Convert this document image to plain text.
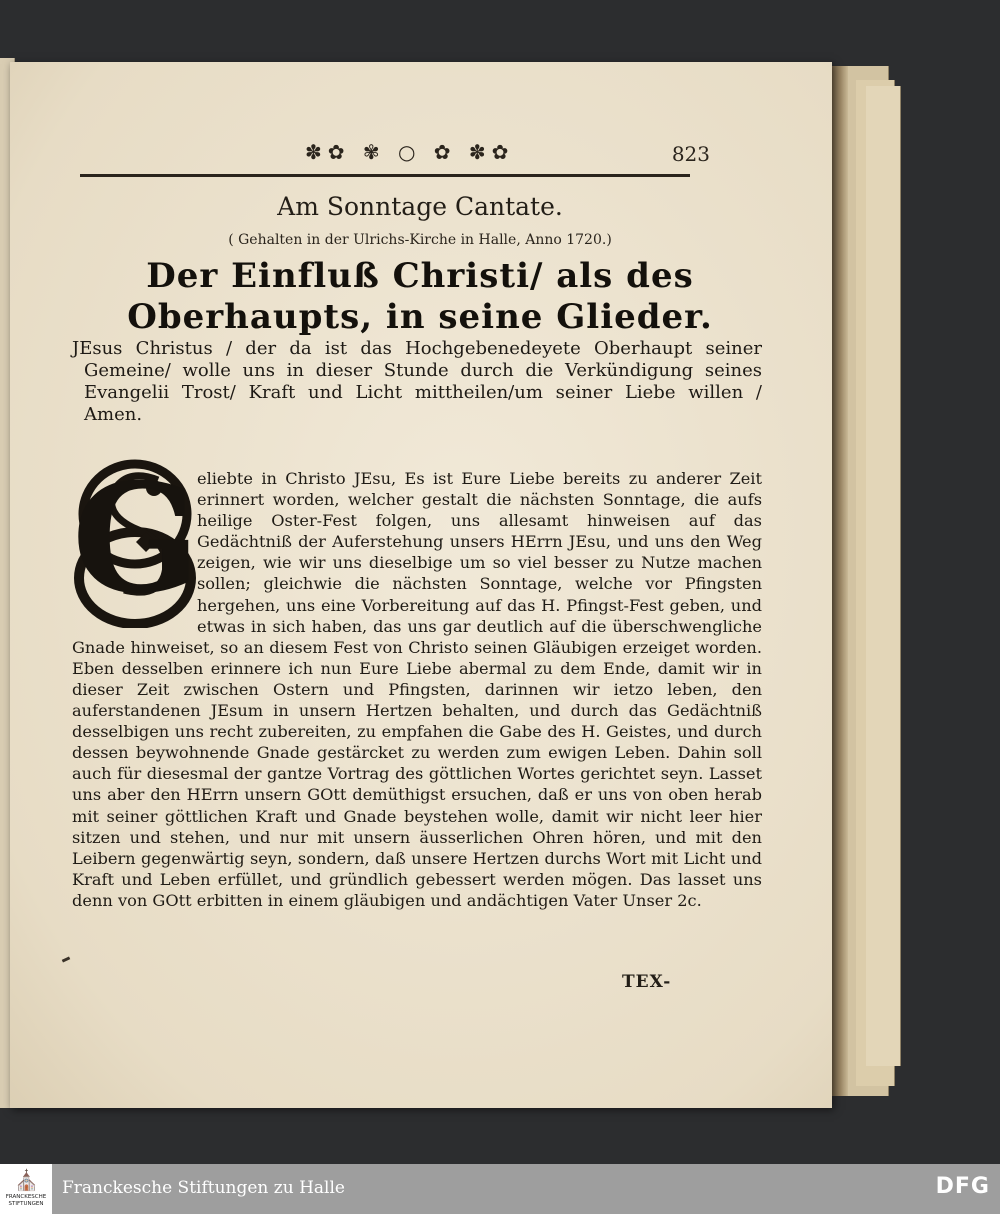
✽✿ ✾ ○ ✿ ✽✿	823
Am Sonntage Cantate.
( Gehalten in der Ulrichs-Kirche in Halle, Anno 1720.)
Der Einfluß Christi/ als des Oberhaupts, in seine Glieder.

JEsus Christus / der da ist das Hochgebenedeyete Oberhaupt seiner Gemeine/ wolle uns in dieser Stunde durch die Verkündigung seines Evangelii Trost/ Kraft und Licht mittheilen/um seiner Liebe willen / Amen.

G

eliebte in Christo JEsu, Es ist Eure Liebe bereits zu anderer Zeit erinnert worden, welcher gestalt die nächsten Sonntage, die aufs heilige Oster-Fest folgen, uns allesamt hinweisen auf das Gedächtniß der Auferstehung unsers HErrn JEsu, und uns den Weg zeigen, wie wir uns dieselbige um so viel besser zu Nutze machen sollen; gleichwie die nächsten Sonntage, welche vor Pfingsten hergehen, uns eine Vorbereitung auf das H. Pfingst-Fest geben, und etwas in sich haben, das uns gar deutlich auf die überschwengliche Gnade hinweiset, so an diesem Fest von Christo seinen Gläubigen erzeiget worden. Eben desselben erinnere ich nun Eure Liebe abermal zu dem Ende, damit wir in dieser Zeit zwischen Ostern und Pfingsten, darinnen wir ietzo leben, den auferstandenen JEsum in unsern Hertzen behalten, und durch das Gedächtniß desselbigen uns recht zubereiten, zu empfahen die Gabe des H. Geistes, und durch dessen beywohnende Gnade gestärcket zu werden zum ewigen Leben. Dahin soll auch für diesesmal der gantze Vortrag des göttlichen Wortes gerichtet seyn. Lasset uns aber den HErrn unsern GOtt demüthigst ersuchen, daß er uns von oben herab mit seiner göttlichen Kraft und Gnade beystehen wolle, damit wir nicht leer hier sitzen und stehen, und nur mit unsern äusserlichen Ohren hören, und mit den Leibern gegenwärtig seyn, sondern, daß unsere Hertzen durchs Wort mit Licht und Kraft und Leben erfüllet, und gründlich gebessert werden mögen. Das lasset uns denn von GOtt erbitten in einem gläubigen und andächtigen Vater Unser 2c.

TEX-
⛪
FRANCKESCHE STIFTUNGEN
Franckesche Stiftungen zu Halle	DFG
